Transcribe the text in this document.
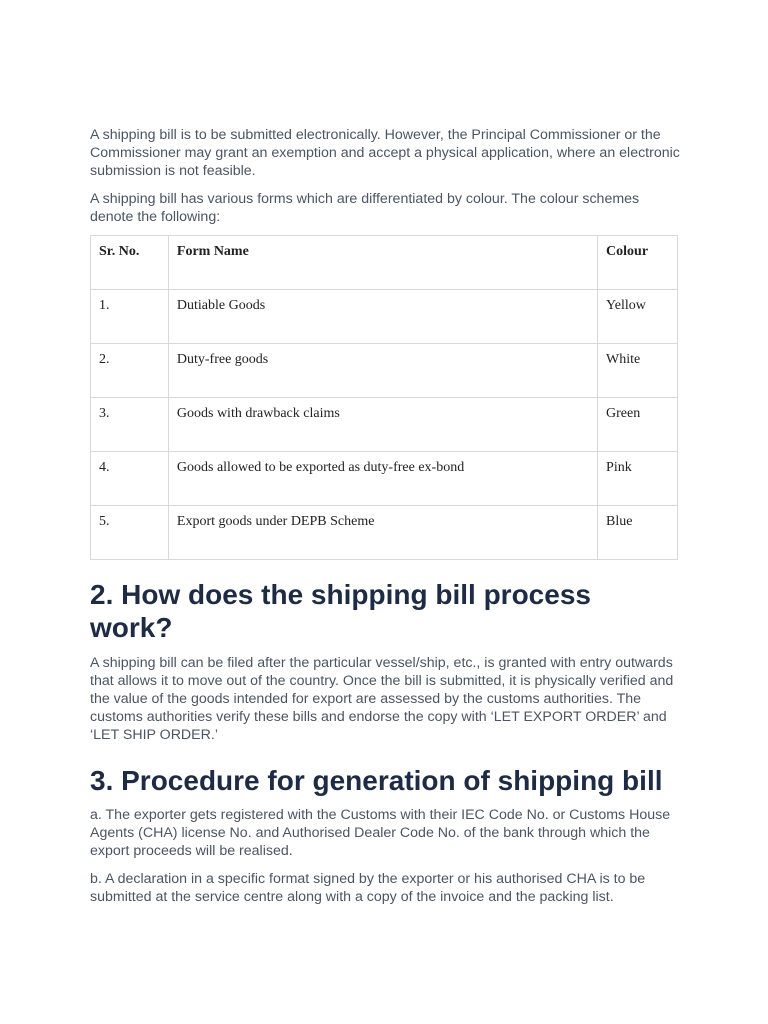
A shipping bill is to be submitted electronically. However, the Principal Commissioner or the Commissioner may grant an exemption and accept a physical application, where an electronic submission is not feasible.

A shipping bill has various forms which are differentiated by colour. The colour schemes denote the following:

Sr. No.	Form Name	Colour
1.	Dutiable Goods	Yellow
2.	Duty-free goods	White
3.	Goods with drawback claims	Green
4.	Goods allowed to be exported as duty-free ex-bond	Pink
5.	Export goods under DEPB Scheme	Blue
2. How does the shipping bill process work?

A shipping bill can be filed after the particular vessel/ship, etc., is granted with entry outwards that allows it to move out of the country. Once the bill is submitted, it is physically verified and the value of the goods intended for export are assessed by the customs authorities. The customs authorities verify these bills and endorse the copy with ‘LET EXPORT ORDER’ and ‘LET SHIP ORDER.’

3. Procedure for generation of shipping bill

a. The exporter gets registered with the Customs with their IEC Code No. or Customs House Agents (CHA) license No. and Authorised Dealer Code No. of the bank through which the export proceeds will be realised.

b. A declaration in a specific format signed by the exporter or his authorised CHA is to be submitted at the service centre along with a copy of the invoice and the packing list.
